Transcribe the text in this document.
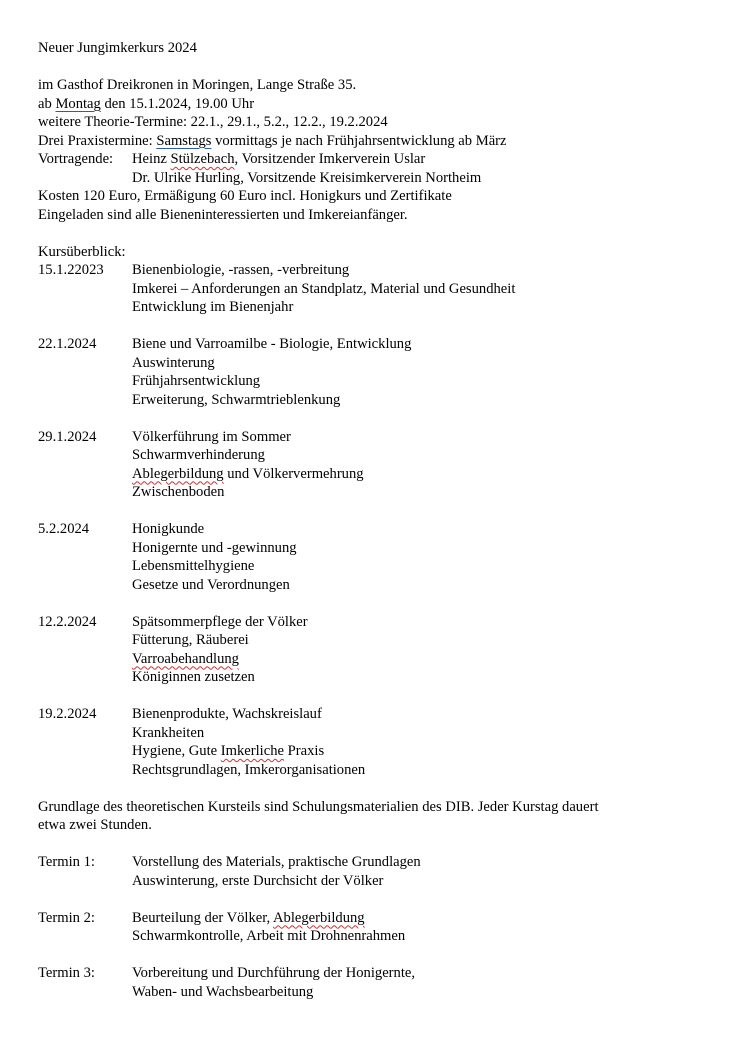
Neuer Jungimkerkurs 2024
im Gasthof Dreikronen in Moringen, Lange Straße 35.
ab Montag den 15.1.2024, 19.00 Uhr
weitere Theorie-Termine: 22.1., 29.1., 5.2., 12.2., 19.2.2024
Drei Praxistermine: Samstags vormittags je nach Frühjahrsentwicklung ab März
Vortragende:	Heinz Stülzebach, Vorsitzender Imkerverein Uslar
Dr. Ulrike Hurling, Vorsitzende Kreisimkerverein Northeim
Kosten 120 Euro, Ermäßigung 60 Euro incl. Honigkurs und Zertifikate
Eingeladen sind alle Bieneninteressierten und Imkereianfänger.
Kursüberblick:
15.1.22023	Bienenbiologie, -rassen, -verbreitung
Imkerei – Anforderungen an Standplatz, Material und Gesundheit
Entwicklung im Bienenjahr
22.1.2024	Biene und Varroamilbe - Biologie, Entwicklung
Auswinterung
Frühjahrsentwicklung
Erweiterung, Schwarmtrieblenkung
29.1.2024	Völkerführung im Sommer
Schwarmverhinderung
Ablegerbildung und Völkervermehrung
Zwischenboden
5.2.2024	Honigkunde
Honigernte und -gewinnung
Lebensmittelhygiene
Gesetze und Verordnungen
12.2.2024	Spätsommerpflege der Völker
Fütterung, Räuberei
Varroabehandlung
Königinnen zusetzen
19.2.2024	Bienenprodukte, Wachskreislauf
Krankheiten
Hygiene, Gute Imkerliche Praxis
Rechtsgrundlagen, Imkerorganisationen
Grundlage des theoretischen Kursteils sind Schulungsmaterialien des DIB. Jeder Kurstag dauert
etwa zwei Stunden.
Termin 1:	Vorstellung des Materials, praktische Grundlagen
Auswinterung, erste Durchsicht der Völker
Termin 2:	Beurteilung der Völker, Ablegerbildung
Schwarmkontrolle, Arbeit mit Drohnenrahmen
Termin 3:	Vorbereitung und Durchführung der Honigernte,
Waben- und Wachsbearbeitung
